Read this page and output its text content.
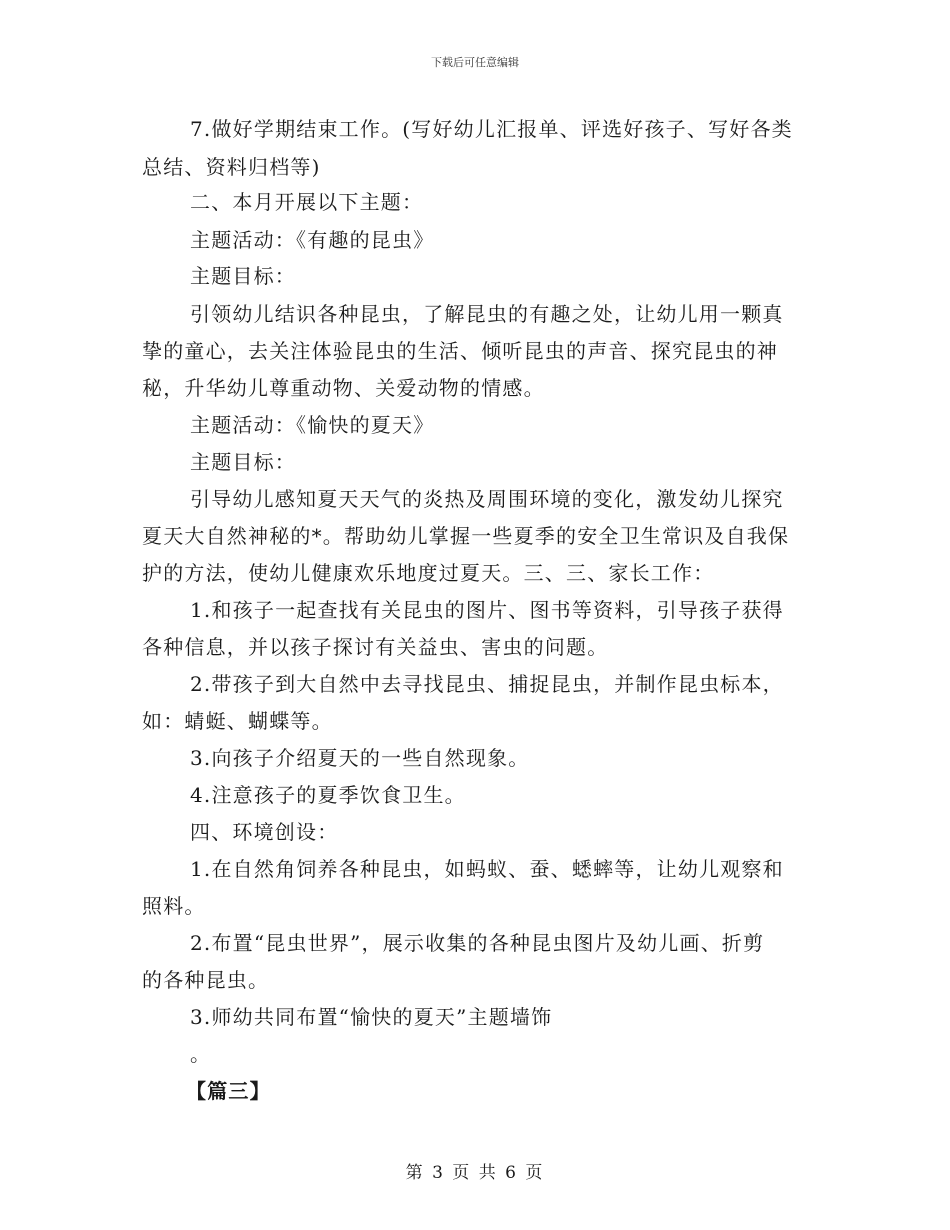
下载后可任意编辑
7.做好学期结束工作。(写好幼儿汇报单、评选好孩子、写好各类
总结、资料归档等)
二、本月开展以下主题：
主题活动：《有趣的昆虫》
主题目标：
引领幼儿结识各种昆虫，了解昆虫的有趣之处，让幼儿用一颗真
挚的童心，去关注体验昆虫的生活、倾听昆虫的声音、探究昆虫的神
秘，升华幼儿尊重动物、关爱动物的情感。
主题活动：《愉快的夏天》
主题目标：
引导幼儿感知夏天天气的炎热及周围环境的变化，激发幼儿探究
夏天大自然神秘的*。帮助幼儿掌握一些夏季的安全卫生常识及自我保
护的方法，使幼儿健康欢乐地度过夏天。三、三、家长工作：
1.和孩子一起查找有关昆虫的图片、图书等资料，引导孩子获得
各种信息，并以孩子探讨有关益虫、害虫的问题。
2.带孩子到大自然中去寻找昆虫、捕捉昆虫，并制作昆虫标本，
如：蜻蜓、蝴蝶等。
3.向孩子介绍夏天的一些自然现象。
4.注意孩子的夏季饮食卫生。
四、环境创设：
1.在自然角饲养各种昆虫，如蚂蚁、蚕、蟋蟀等，让幼儿观察和
照料。
2.布置“昆虫世界”，展示收集的各种昆虫图片及幼儿画、折剪
的各种昆虫。
3.师幼共同布置“愉快的夏天”主题墙饰
。
【篇三】
第 3 页 共 6 页
